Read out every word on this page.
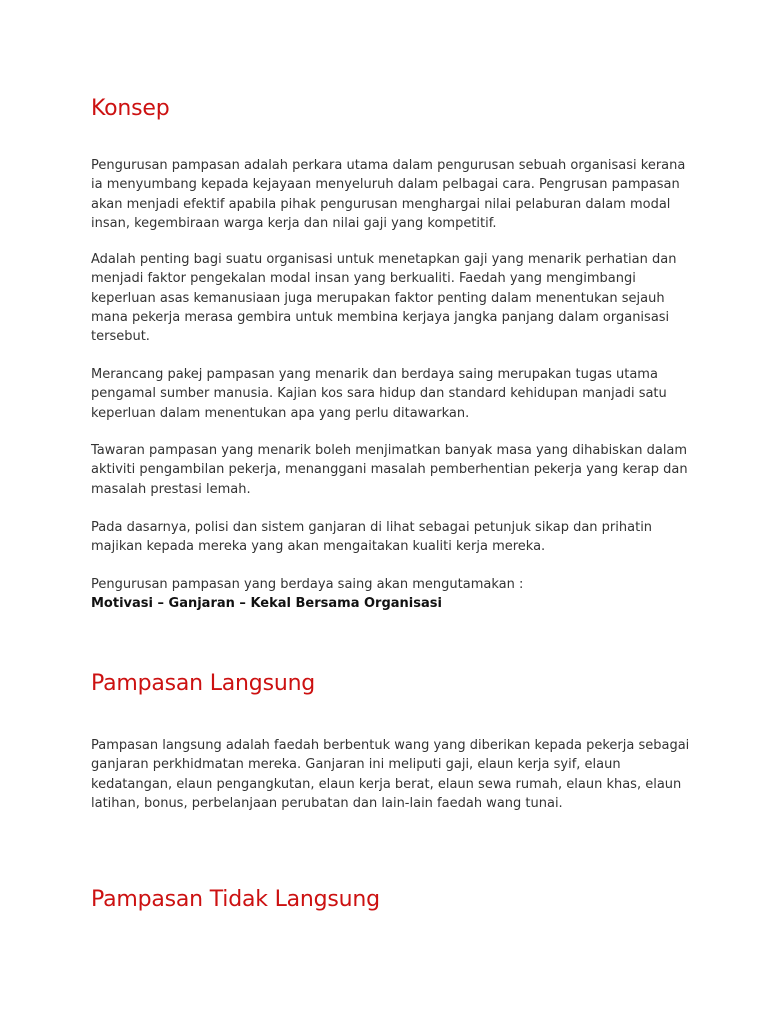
Konsep

Pengurusan pampasan adalah perkara utama dalam pengurusan sebuah organisasi kerana ia menyumbang kepada kejayaan menyeluruh dalam pelbagai cara. Pengrusan pampasan akan menjadi efektif apabila pihak pengurusan menghargai nilai pelaburan dalam modal insan, kegembiraan warga kerja dan nilai gaji yang kompetitif.

Adalah penting bagi suatu organisasi untuk menetapkan gaji yang menarik perhatian dan menjadi faktor pengekalan modal insan yang berkualiti. Faedah yang mengimbangi keperluan asas kemanusiaan juga merupakan faktor penting dalam menentukan sejauh mana pekerja merasa gembira untuk membina kerjaya jangka panjang dalam organisasi tersebut.

Merancang pakej pampasan yang menarik dan berdaya saing merupakan tugas utama pengamal sumber manusia. Kajian kos sara hidup dan standard kehidupan manjadi satu keperluan dalam menentukan apa yang perlu ditawarkan.

Tawaran pampasan yang menarik boleh menjimatkan banyak masa yang dihabiskan dalam aktiviti pengambilan pekerja, menanggani masalah pemberhentian pekerja yang kerap dan masalah prestasi lemah.

Pada dasarnya, polisi dan sistem ganjaran di lihat sebagai petunjuk sikap dan prihatin majikan kepada mereka yang akan mengaitakan kualiti kerja mereka.

Pengurusan pampasan yang berdaya saing akan mengutamakan :

Motivasi – Ganjaran – Kekal Bersama Organisasi

Pampasan Langsung

Pampasan langsung adalah faedah berbentuk wang yang diberikan kepada pekerja sebagai ganjaran perkhidmatan mereka. Ganjaran ini meliputi gaji, elaun kerja syif, elaun kedatangan, elaun pengangkutan, elaun kerja berat, elaun sewa rumah, elaun khas, elaun latihan, bonus, perbelanjaan perubatan dan lain-lain faedah wang tunai.

Pampasan Tidak Langsung
